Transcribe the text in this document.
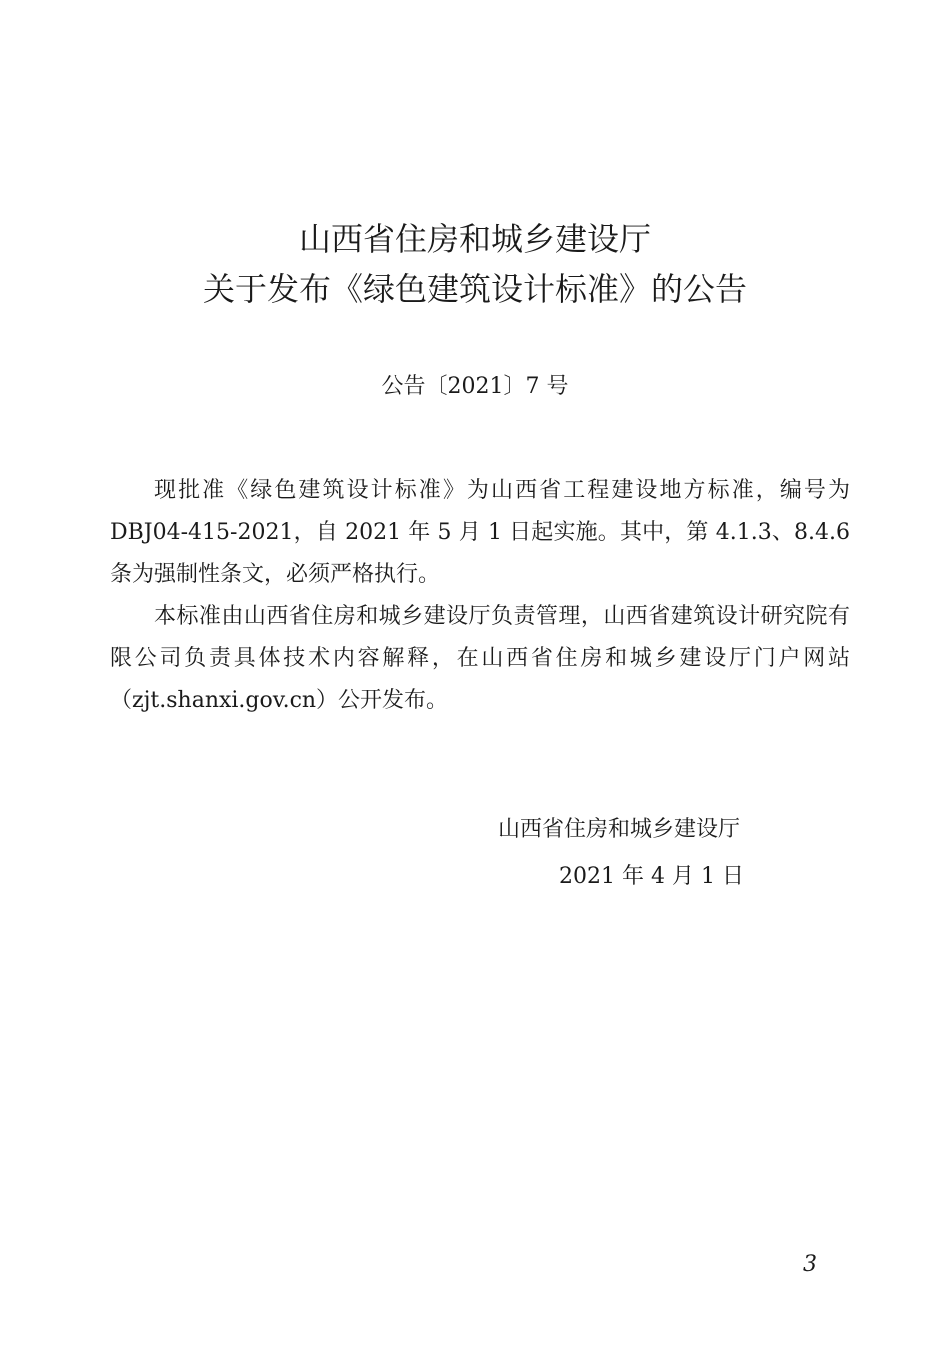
山西省住房和城乡建设厅
关于发布《绿色建筑设计标准》的公告
公告〔2021〕7 号

现批准《绿色建筑设计标准》为山西省工程建设地方标准，编号为 DBJ04-415-2021，自 2021 年 5 月 1 日起实施。其中，第 4.1.3、8.4.6 条为强制性条文，必须严格执行。

本标准由山西省住房和城乡建设厅负责管理，山西省建筑设计研究院有限公司负责具体技术内容解释，在山西省住房和城乡建设厅门户网站（zjt.shanxi.gov.cn）公开发布。

山西省住房和城乡建设厅
2021 年 4 月 1 日
3
